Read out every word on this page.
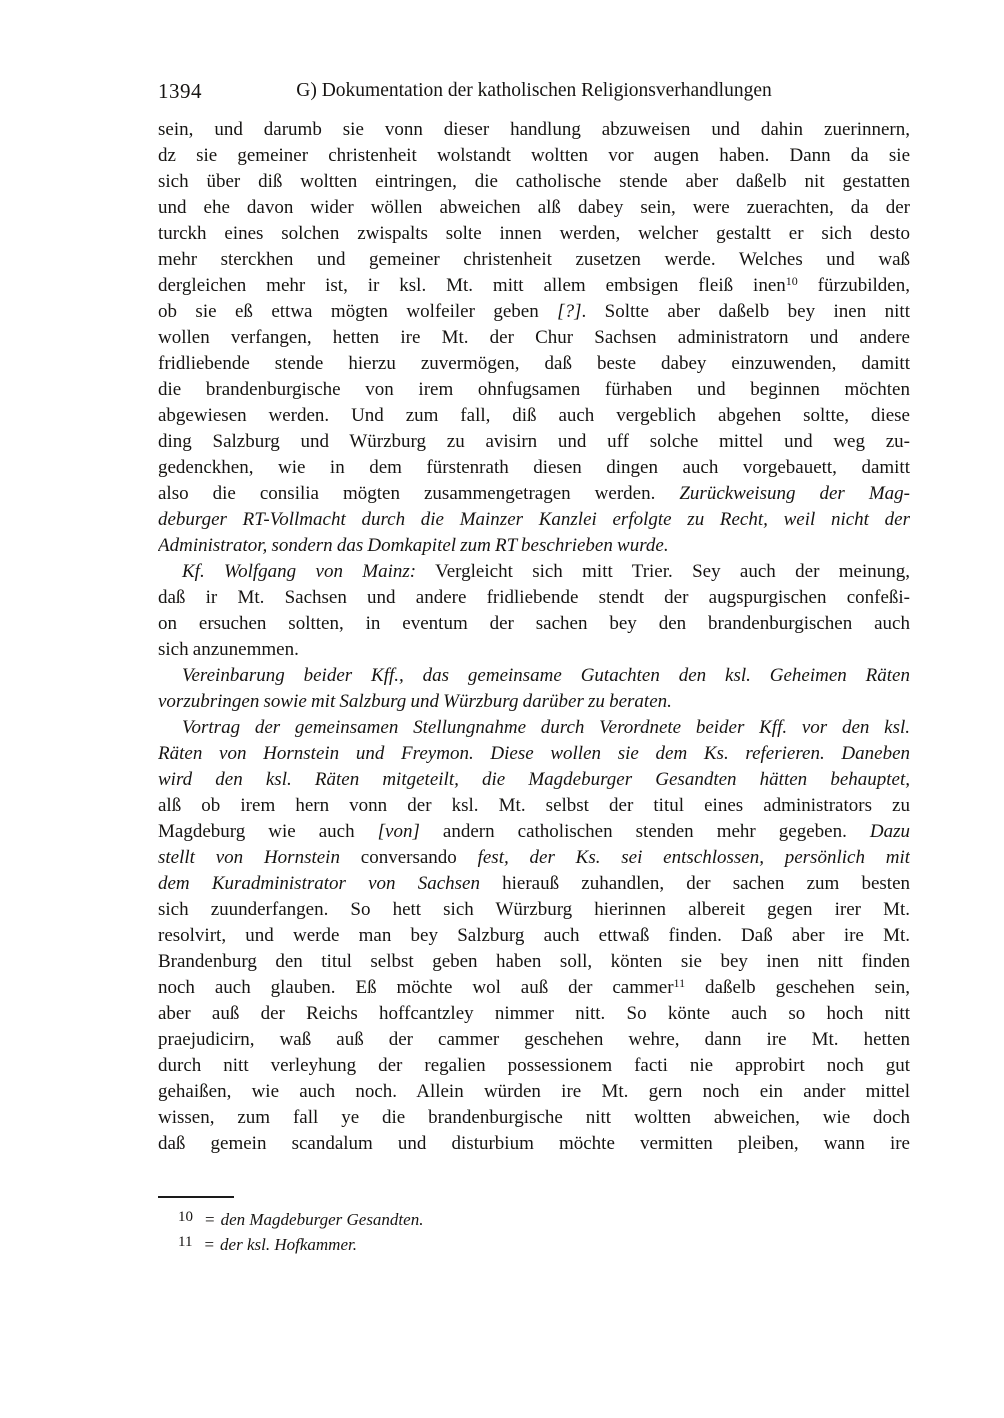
1394	G) Dokumentation der katholischen Religionsverhandlungen
sein, und darumb sie vonn dieser handlung abzuweisen und dahin zuerinnern,
dz sie gemeiner christenheit wolstandt woltten vor augen haben. Dann da sie
sich über diß woltten eintringen, die catholische stende aber daßelb nit gestatten
und ehe davon wider wöllen abweichen alß dabey sein, were zuerachten, da der
turckh eines solchen zwispalts solte innen werden, welcher gestaltt er sich desto
mehr sterckhen und gemeiner christenheit zusetzen werde. Welches und waß
dergleichen mehr ist, ir ksl. Mt. mitt allem embsigen fleiß inen$^{10}$ fürzubilden,
ob sie eß ettwa mögten wolfeiler geben [?]. Soltte aber daßelb bey inen nitt
wollen verfangen, hetten ire Mt. der Chur Sachsen administratorn und andere
fridliebende stende hierzu zuvermögen, daß beste dabey einzuwenden, damitt
die brandenburgische von irem ohnfugsamen fürhaben und beginnen möchten
abgewiesen werden. Und zum fall, diß auch vergeblich abgehen soltte, diese
ding Salzburg und Würzburg zu avisirn und uff solche mittel und weg zu-
gedenckhen, wie in dem fürstenrath diesen dingen auch vorgebauett, damitt
also die consilia mögten zusammengetragen werden. Zurückweisung der Mag-
deburger RT-Vollmacht durch die Mainzer Kanzlei erfolgte zu Recht, weil nicht der
Administrator, sondern das Domkapitel zum RT beschrieben wurde.
Kf. Wolfgang von Mainz: Vergleicht sich mitt Trier. Sey auch der meinung,
daß ir Mt. Sachsen und andere fridliebende stendt der augspurgischen confeßi-
on ersuchen soltten, in eventum der sachen bey den brandenburgischen auch
sich anzunemmen.
Vereinbarung beider Kff., das gemeinsame Gutachten den ksl. Geheimen Räten
vorzubringen sowie mit Salzburg und Würzburg darüber zu beraten.
Vortrag der gemeinsamen Stellungnahme durch Verordnete beider Kff. vor den ksl.
Räten von Hornstein und Freymon. Diese wollen sie dem Ks. referieren. Daneben
wird den ksl. Räten mitgeteilt, die Magdeburger Gesandten hätten behauptet,
alß ob irem hern vonn der ksl. Mt. selbst der titul eines administrators zu
Magdeburg wie auch [von] andern catholischen stenden mehr gegeben. Dazu
stellt von Hornstein conversando fest, der Ks. sei entschlossen, persönlich mit
dem Kuradministrator von Sachsen hierauß zuhandlen, der sachen zum besten
sich zuunderfangen. So hett sich Würzburg hierinnen albereit gegen irer Mt.
resolvirt, und werde man bey Salzburg auch ettwaß finden. Daß aber ire Mt.
Brandenburg den titul selbst geben haben soll, könten sie bey inen nitt finden
noch auch glauben. Eß möchte wol auß der cammer$^{11}$ daßelb geschehen sein,
aber auß der Reichs hoffcantzley nimmer nitt. So könte auch so hoch nitt
praejudicirn, waß auß der cammer geschehen wehre, dann ire Mt. hetten
durch nitt verleyhung der regalien possessionem facti nie approbirt noch gut
gehaißen, wie auch noch. Allein würden ire Mt. gern noch ein ander mittel
wissen, zum fall ye die brandenburgische nitt woltten abweichen, wie doch
daß gemein scandalum und disturbium möchte vermitten pleiben, wann ire
10 = den Magdeburger Gesandten.
11 = der ksl. Hofkammer.
